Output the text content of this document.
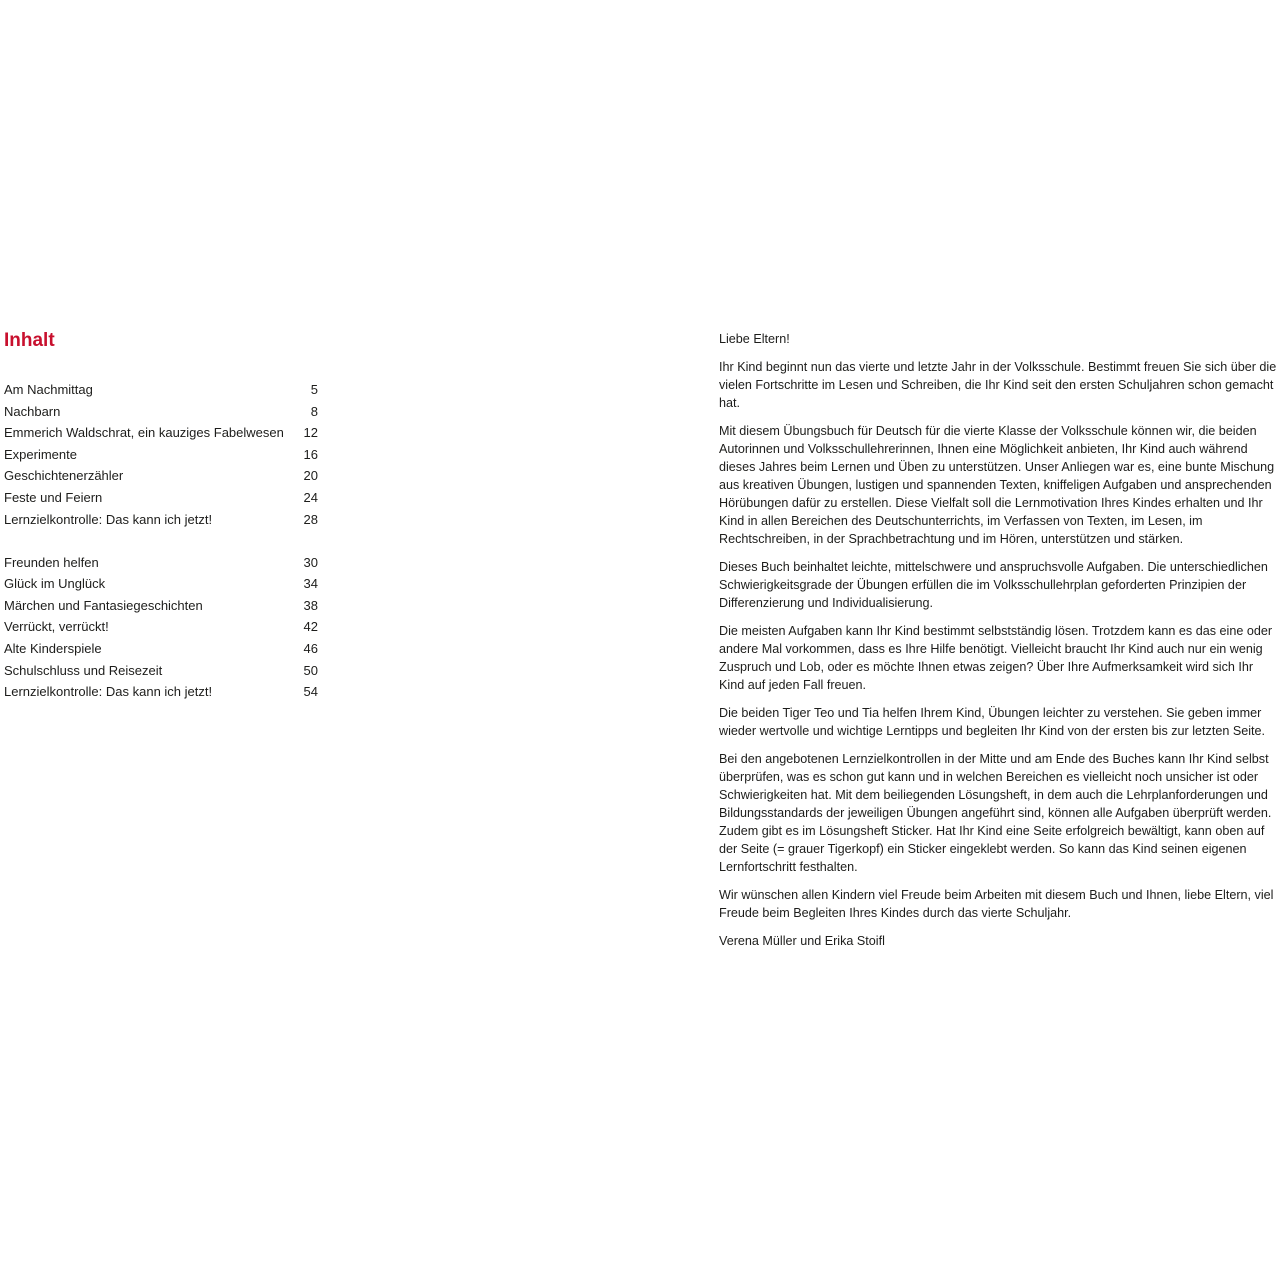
Inhalt
Am Nachmittag	5
Nachbarn	8
Emmerich Waldschrat, ein kauziges Fabelwesen	12
Experimente	16
Geschichtenerzähler	20
Feste und Feiern	24
Lernzielkontrolle: Das kann ich jetzt!	28
Freunden helfen	30
Glück im Unglück	34
Märchen und Fantasiegeschichten	38
Verrückt, verrückt!	42
Alte Kinderspiele	46
Schulschluss und Reisezeit	50
Lernzielkontrolle: Das kann ich jetzt!	54

Liebe Eltern!

Ihr Kind beginnt nun das vierte und letzte Jahr in der Volksschule. Bestimmt freuen Sie sich über die vielen Fortschritte im Lesen und Schreiben, die Ihr Kind seit den ersten Schuljahren schon gemacht hat.

Mit diesem Übungsbuch für Deutsch für die vierte Klasse der Volksschule können wir, die beiden Autorinnen und Volksschullehrerinnen, Ihnen eine Möglichkeit anbieten, Ihr Kind auch während dieses Jahres beim Lernen und Üben zu unterstützen. Unser Anliegen war es, eine bunte Mischung aus kreativen Übungen, lustigen und spannenden Texten, kniffeligen Aufgaben und ansprechenden Hörübungen dafür zu erstellen. Diese Vielfalt soll die Lernmotivation Ihres Kindes erhalten und Ihr Kind in allen Bereichen des Deutschunterrichts, im Verfassen von Texten, im Lesen, im Rechtschreiben, in der Sprachbetrachtung und im Hören, unterstützen und stärken.

Dieses Buch beinhaltet leichte, mittelschwere und anspruchsvolle Aufgaben. Die unterschiedlichen Schwierigkeitsgrade der Übungen erfüllen die im Volksschullehrplan geforderten Prinzipien der Differenzierung und Individualisierung.

Die meisten Aufgaben kann Ihr Kind bestimmt selbstständig lösen. Trotzdem kann es das eine oder andere Mal vorkommen, dass es Ihre Hilfe benötigt. Vielleicht braucht Ihr Kind auch nur ein wenig Zuspruch und Lob, oder es möchte Ihnen etwas zeigen? Über Ihre Aufmerksamkeit wird sich Ihr Kind auf jeden Fall freuen.

Die beiden Tiger Teo und Tia helfen Ihrem Kind, Übungen leichter zu verstehen. Sie geben immer wieder wertvolle und wichtige Lerntipps und begleiten Ihr Kind von der ersten bis zur letzten Seite.

Bei den angebotenen Lernzielkontrollen in der Mitte und am Ende des Buches kann Ihr Kind selbst überprüfen, was es schon gut kann und in welchen Bereichen es vielleicht noch unsicher ist oder Schwierigkeiten hat. Mit dem beiliegenden Lösungsheft, in dem auch die Lehrplanforderungen und Bildungsstandards der jeweiligen Übungen angeführt sind, können alle Aufgaben überprüft werden. Zudem gibt es im Lösungsheft Sticker. Hat Ihr Kind eine Seite erfolgreich bewältigt, kann oben auf der Seite (= grauer Tigerkopf) ein Sticker eingeklebt werden. So kann das Kind seinen eigenen Lernfortschritt festhalten.

Wir wünschen allen Kindern viel Freude beim Arbeiten mit diesem Buch und Ihnen, liebe Eltern, viel Freude beim Begleiten Ihres Kindes durch das vierte Schuljahr.

Verena Müller und Erika Stoifl
